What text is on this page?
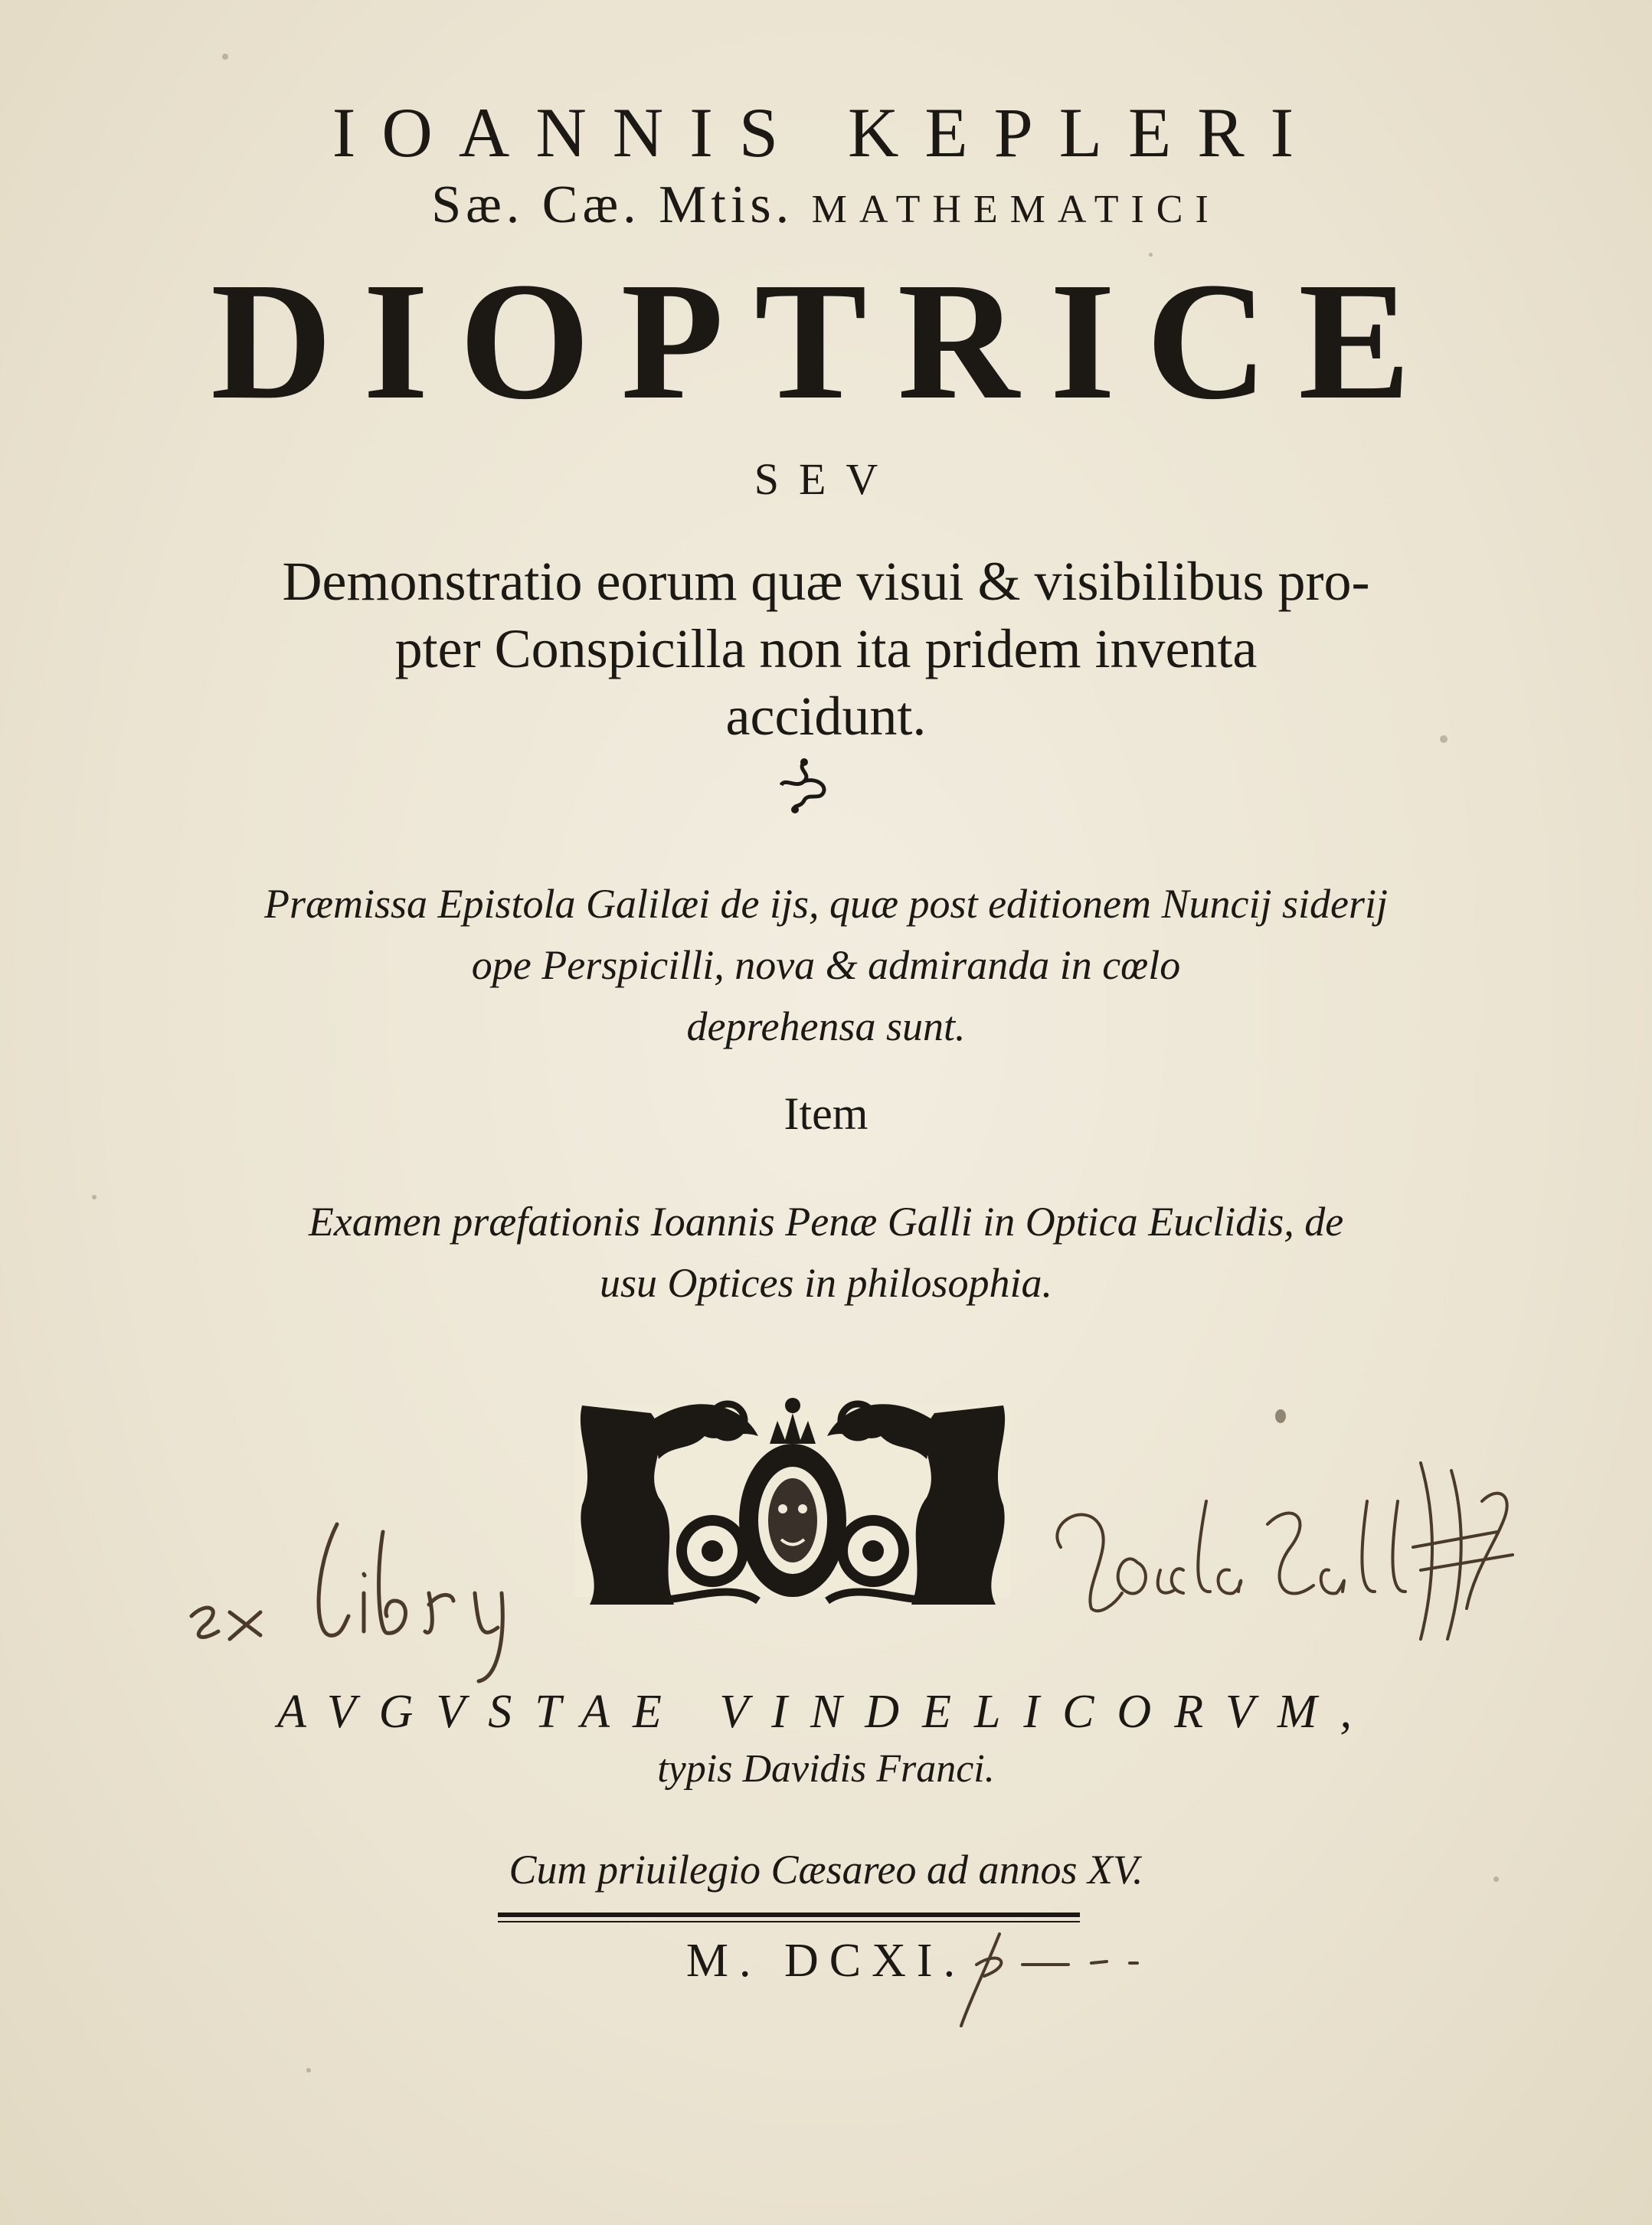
IOANNIS KEPLERI
Sæ. Cæ. Mtis. MATHEMATICI
DIOPTRICE
SEV
Demonstratio eorum quæ visui & visibilibus pro-
pter Conspicilla non ita pridem inventa
accidunt.
Præmissa Epistola Galilæi de ijs, quæ post editionem Nuncij siderij
ope Perspicilli, nova & admiranda in cœlo
deprehensa sunt.
Item
Examen præfationis Ioannis Penæ Galli in Optica Euclidis, de
usu Optices in philosophia.
AVGVSTAE VINDELICORVM,
typis Davidis Franci.
Cum priuilegio Cæsareo ad annos XV.
M. DCXI.
